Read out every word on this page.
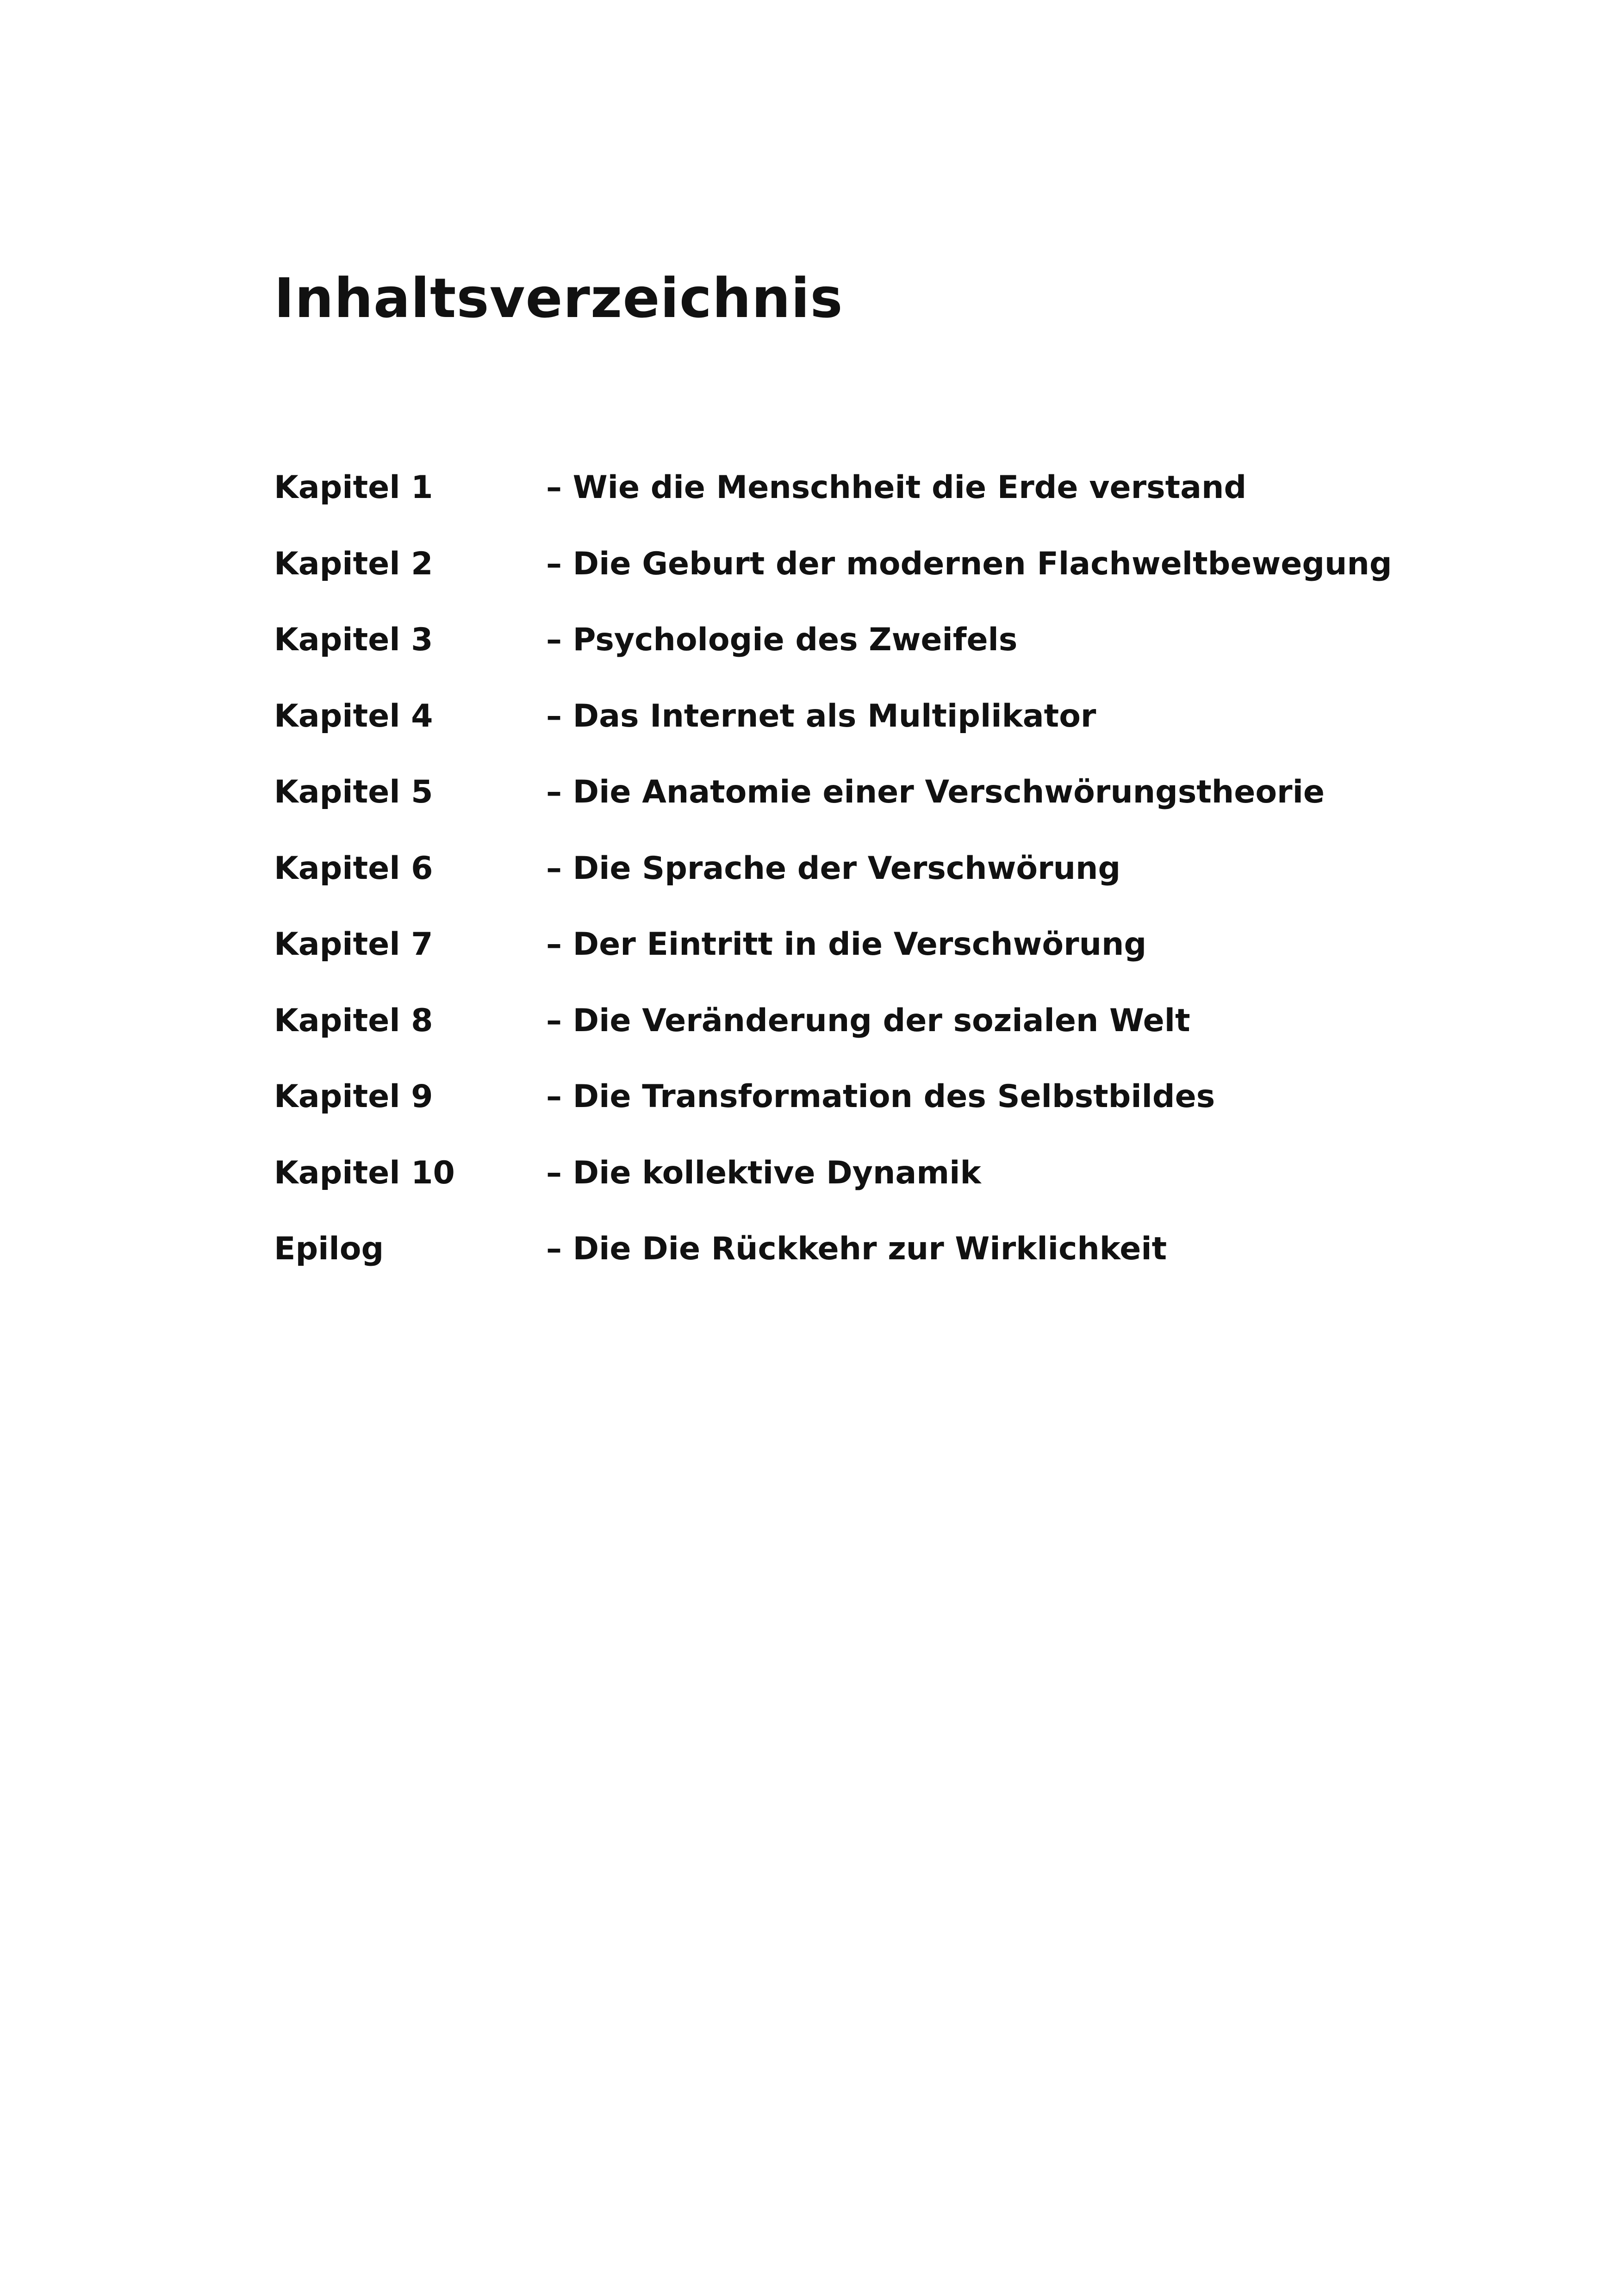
Inhaltsverzeichnis
Kapitel 1	– Wie die Menschheit die Erde verstand
Kapitel 2	– Die Geburt der modernen Flachweltbewegung
Kapitel 3	– Psychologie des Zweifels
Kapitel 4	– Das Internet als Multiplikator
Kapitel 5	– Die Anatomie einer Verschwörungstheorie
Kapitel 6	– Die Sprache der Verschwörung
Kapitel 7	– Der Eintritt in die Verschwörung
Kapitel 8	– Die Veränderung der sozialen Welt
Kapitel 9	– Die Transformation des Selbstbildes
Kapitel 10	– Die kollektive Dynamik
Epilog	– Die Die Rückkehr zur Wirklichkeit
